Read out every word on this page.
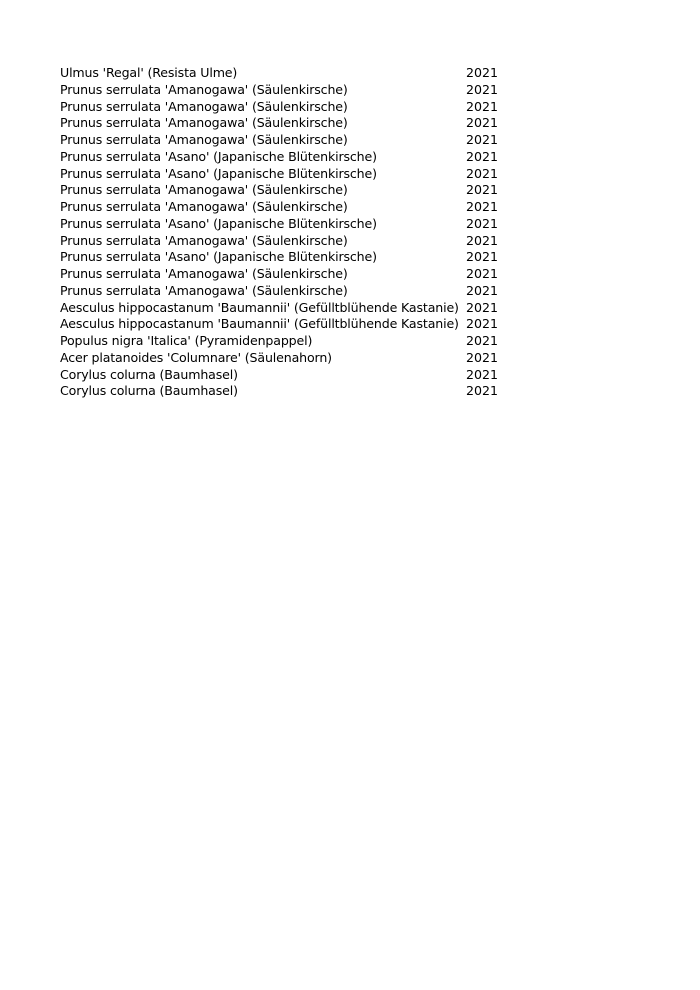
Ulmus 'Regal' (Resista Ulme)	2021
Prunus serrulata 'Amanogawa' (Säulenkirsche)	2021
Prunus serrulata 'Amanogawa' (Säulenkirsche)	2021
Prunus serrulata 'Amanogawa' (Säulenkirsche)	2021
Prunus serrulata 'Amanogawa' (Säulenkirsche)	2021
Prunus serrulata 'Asano' (Japanische Blütenkirsche)	2021
Prunus serrulata 'Asano' (Japanische Blütenkirsche)	2021
Prunus serrulata 'Amanogawa' (Säulenkirsche)	2021
Prunus serrulata 'Amanogawa' (Säulenkirsche)	2021
Prunus serrulata 'Asano' (Japanische Blütenkirsche)	2021
Prunus serrulata 'Amanogawa' (Säulenkirsche)	2021
Prunus serrulata 'Asano' (Japanische Blütenkirsche)	2021
Prunus serrulata 'Amanogawa' (Säulenkirsche)	2021
Prunus serrulata 'Amanogawa' (Säulenkirsche)	2021
Aesculus hippocastanum 'Baumannii' (Gefülltblühende Kastanie) 2021
Aesculus hippocastanum 'Baumannii' (Gefülltblühende Kastanie) 2021
Populus nigra 'Italica' (Pyramidenpappel)	2021
Acer platanoides 'Columnare' (Säulenahorn)	2021
Corylus colurna (Baumhasel)	2021
Corylus colurna (Baumhasel)	2021
